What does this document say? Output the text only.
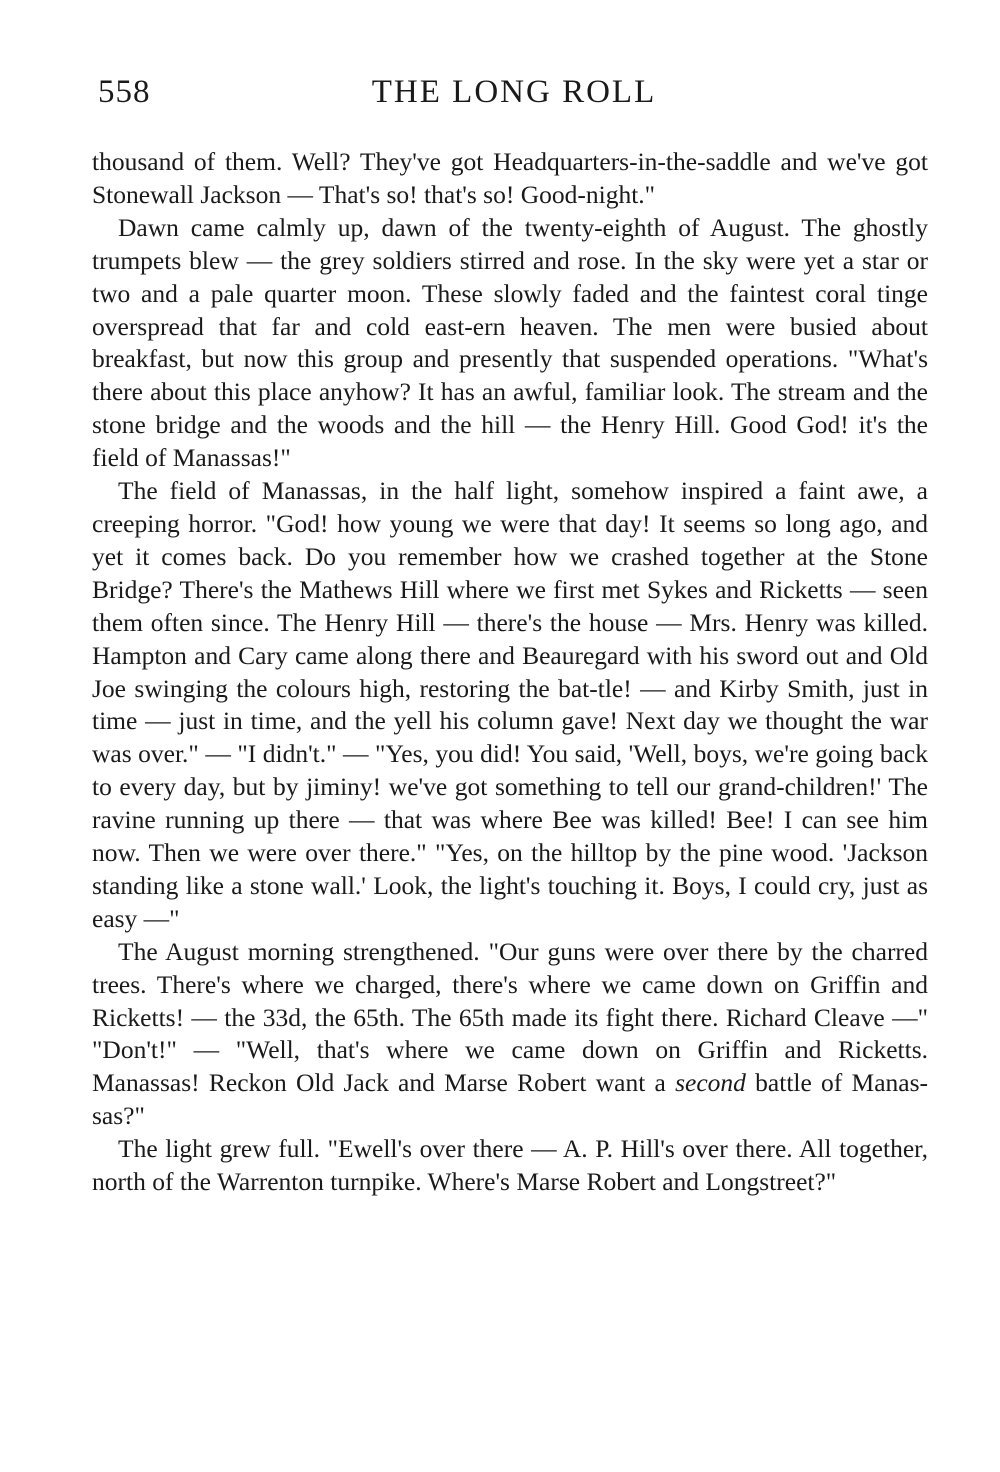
558	THE LONG ROLL

thousand of them. Well? They've got Headquarters-in-the-saddle and we've got Stonewall Jackson — That's so! that's so! Good-night."

Dawn came calmly up, dawn of the twenty-eighth of August. The ghostly trumpets blew — the grey soldiers stirred and rose. In the sky were yet a star or two and a pale quarter moon. These slowly faded and the faintest coral tinge overspread that far and cold east-ern heaven. The men were busied about breakfast, but now this group and presently that suspended operations. "What's there about this place anyhow? It has an awful, familiar look. The stream and the stone bridge and the woods and the hill — the Henry Hill. Good God! it's the field of Manassas!"

The field of Manassas, in the half light, somehow inspired a faint awe, a creeping horror. "God! how young we were that day! It seems so long ago, and yet it comes back. Do you remember how we crashed together at the Stone Bridge? There's the Mathews Hill where we first met Sykes and Ricketts — seen them often since. The Henry Hill — there's the house — Mrs. Henry was killed. Hampton and Cary came along there and Beauregard with his sword out and Old Joe swinging the colours high, restoring the bat-tle! — and Kirby Smith, just in time — just in time, and the yell his column gave! Next day we thought the war was over." — "I didn't." — "Yes, you did! You said, 'Well, boys, we're going back to every day, but by jiminy! we've got something to tell our grand-children!' The ravine running up there — that was where Bee was killed! Bee! I can see him now. Then we were over there." "Yes, on the hilltop by the pine wood. 'Jackson standing like a stone wall.' Look, the light's touching it. Boys, I could cry, just as easy —"

The August morning strengthened. "Our guns were over there by the charred trees. There's where we charged, there's where we came down on Griffin and Ricketts! — the 33d, the 65th. The 65th made its fight there. Richard Cleave —" "Don't!" — "Well, that's where we came down on Griffin and Ricketts. Manassas! Reckon Old Jack and Marse Robert want a second battle of Manas-sas?"

The light grew full. "Ewell's over there — A. P. Hill's over there. All together, north of the Warrenton turnpike. Where's Marse Robert and Longstreet?"
